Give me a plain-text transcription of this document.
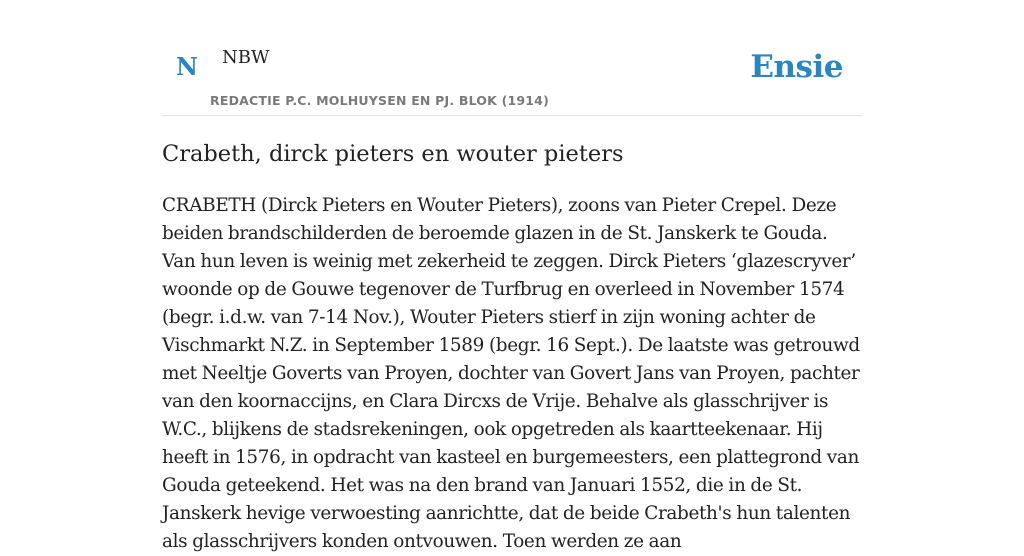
N NBW
REDACTIE P.C. MOLHUYSEN EN PJ. BLOK (1914)
Ensie
Crabeth, dirck pieters en wouter pieters

CRABETH (Dirck Pieters en Wouter Pieters), zoons van Pieter Crepel. Deze beiden brandschilderden de beroemde glazen in de St. Janskerk te Gouda. Van hun leven is weinig met zekerheid te zeggen. Dirck Pieters ‘glazescryver’ woonde op de Gouwe tegenover de Turfbrug en overleed in November 1574 (begr. i.d.w. van 7-14 Nov.), Wouter Pieters stierf in zijn woning achter de Vischmarkt N.Z. in September 1589 (begr. 16 Sept.). De laatste was getrouwd met Neeltje Goverts van Proyen, dochter van Govert Jans van Proyen, pachter van den koornaccijns, en Clara Dircxs de Vrije. Behalve als glasschrijver is W.C., blijkens de stadsrekeningen, ook opgetreden als kaartteekenaar. Hij heeft in 1576, in opdracht van kasteel en burgemeesters, een plattegrond van Gouda geteekend. Het was na den brand van Januari 1552, die in de St. Janskerk hevige verwoesting aanrichtte, dat de beide Crabeth's hun talenten als glasschrijvers konden ontvouwen. Toen werden ze aan
